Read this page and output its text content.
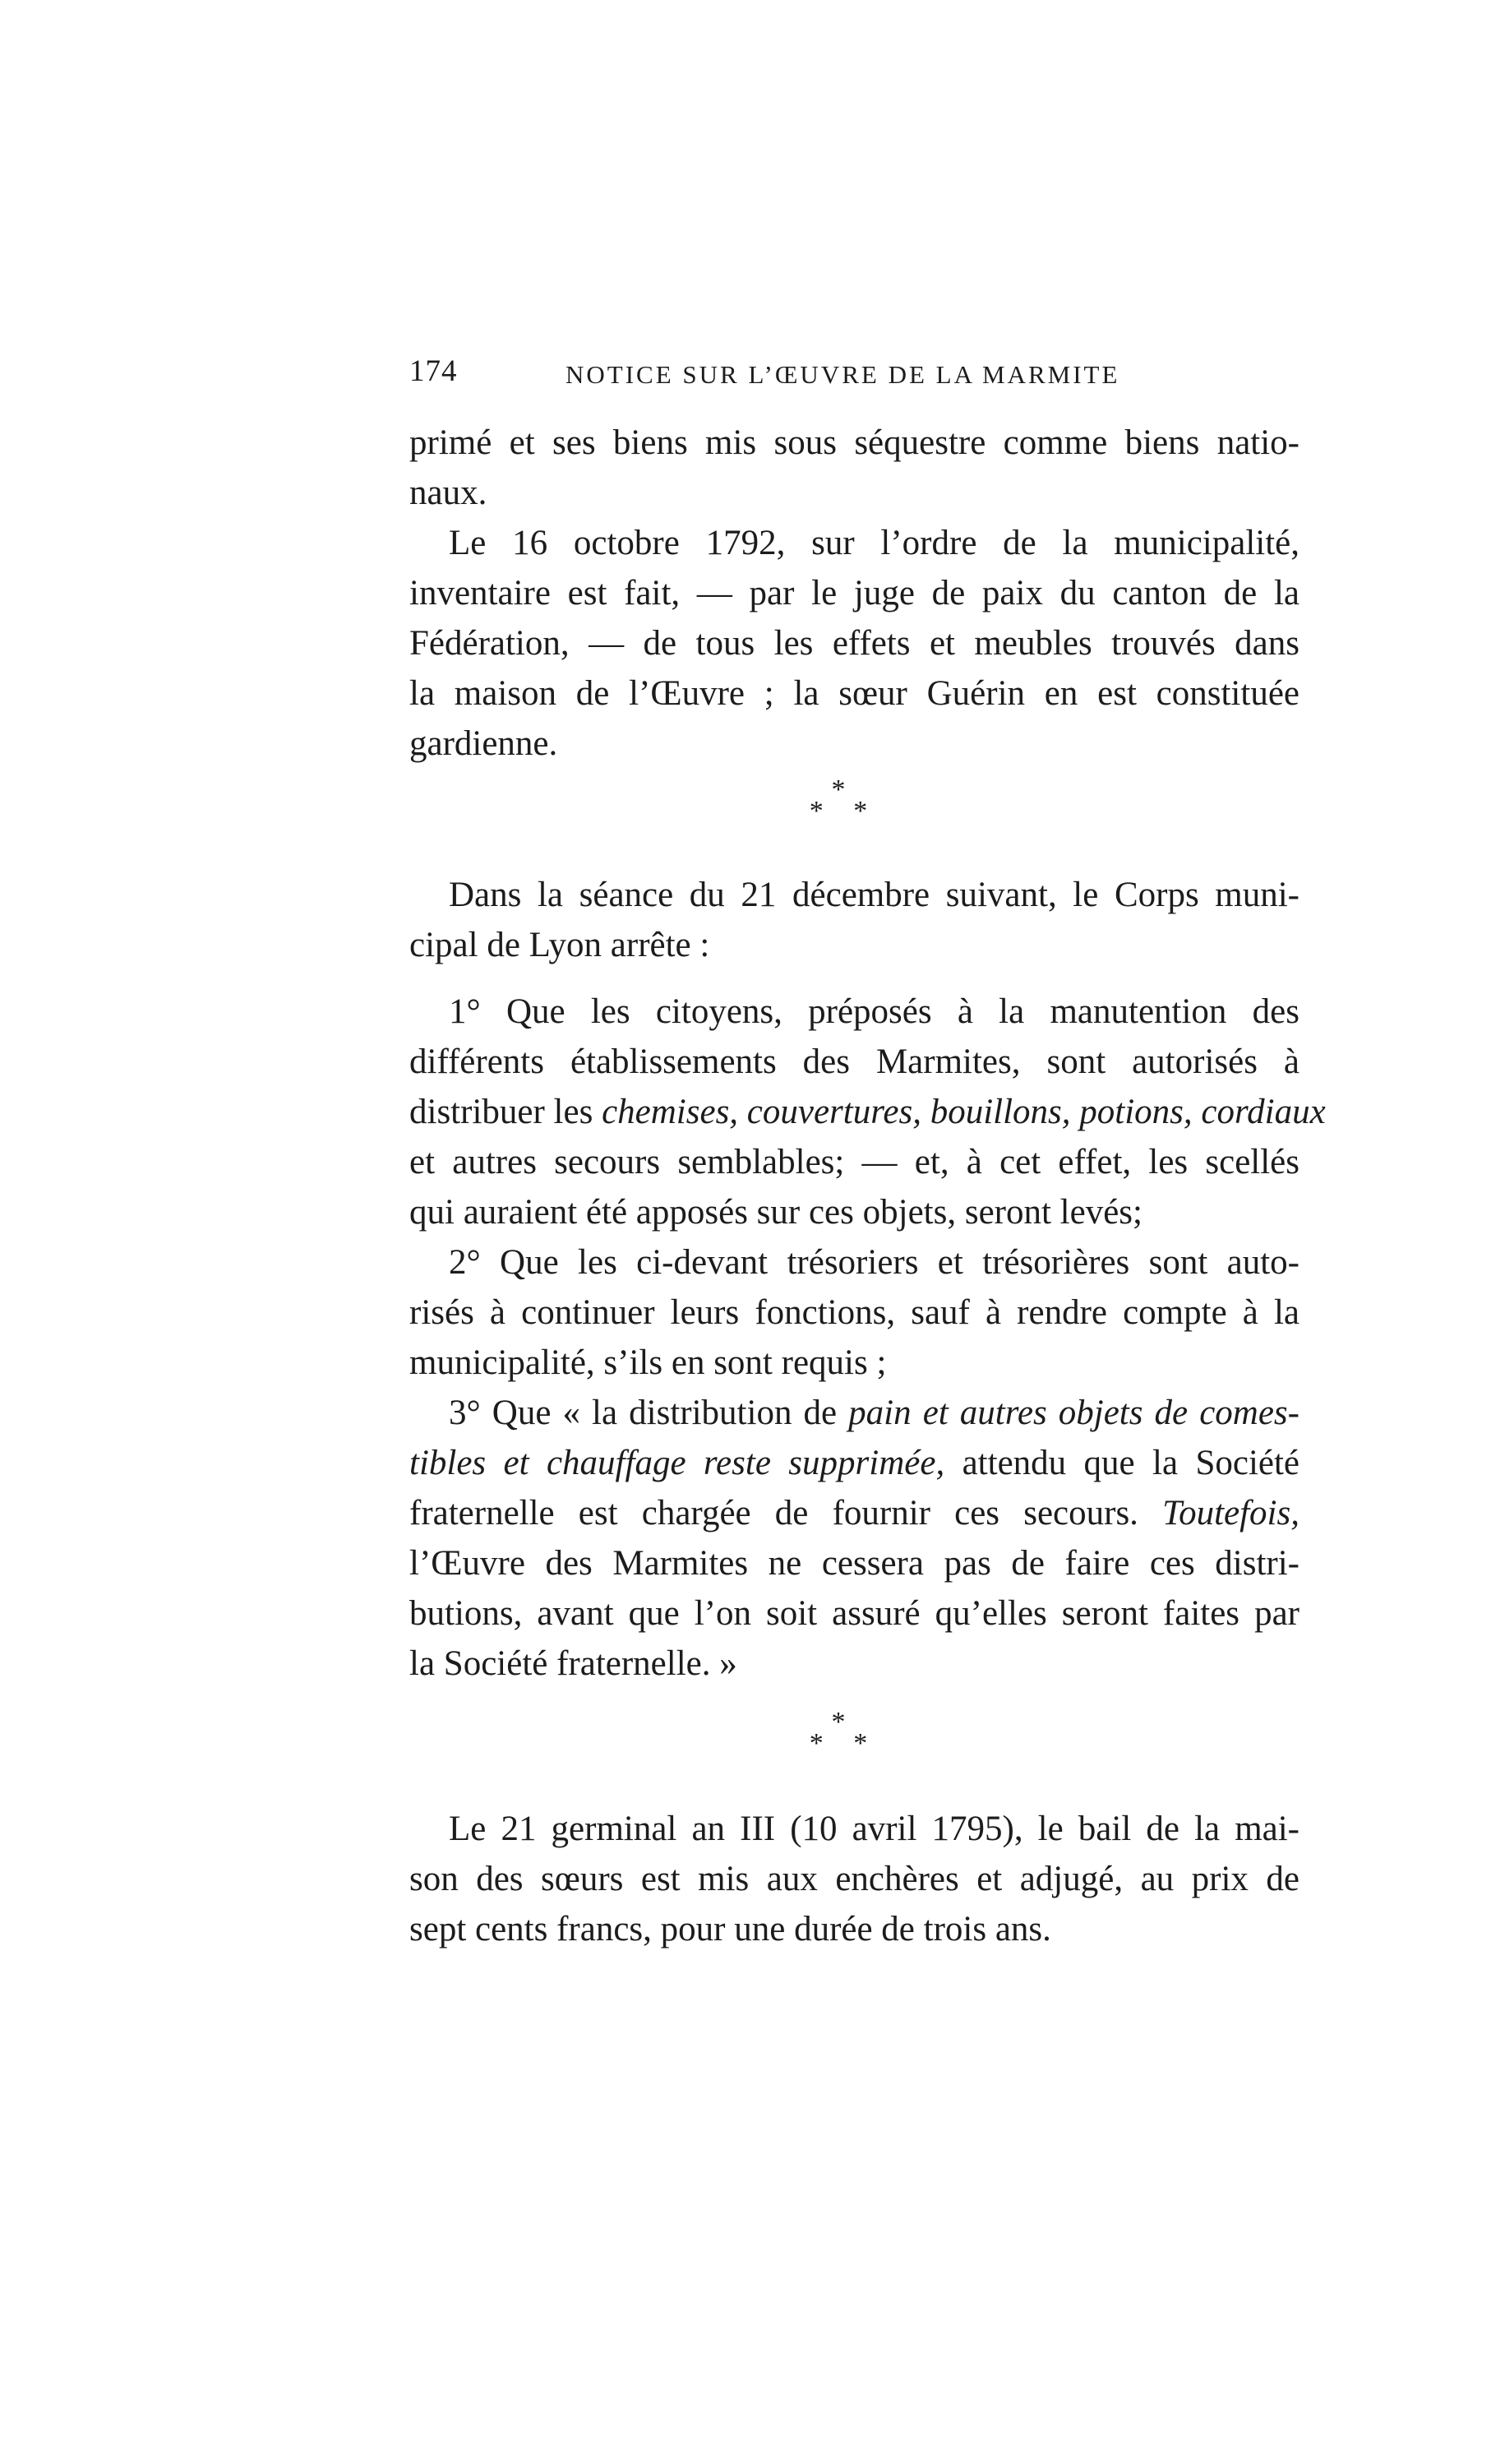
174	NOTICE SUR L’ŒUVRE DE LA MARMITE
primé et ses biens mis sous séquestre comme biens natio-
naux.
Le 16 octobre 1792, sur l’ordre de la municipalité,
inventaire est fait, — par le juge de paix du canton de la
Fédération, — de tous les effets et meubles trouvés dans
la maison de l’Œuvre ; la sœur Guérin en est constituée
gardienne.
*
* *
Dans la séance du 21 décembre suivant, le Corps muni-
cipal de Lyon arrête :
1° Que les citoyens, préposés à la manutention des
différents établissements des Marmites, sont autorisés à
distribuer les chemises, couvertures, bouillons, potions, cordiaux
et autres secours semblables; — et, à cet effet, les scellés
qui auraient été apposés sur ces objets, seront levés;
2° Que les ci-devant trésoriers et trésorières sont auto-
risés à continuer leurs fonctions, sauf à rendre compte à la
municipalité, s’ils en sont requis ;
3° Que « la distribution de pain et autres objets de comes-
tibles et chauffage reste supprimée, attendu que la Société
fraternelle est chargée de fournir ces secours. Toutefois,
l’Œuvre des Marmites ne cessera pas de faire ces distri-
butions, avant que l’on soit assuré qu’elles seront faites par
la Société fraternelle. »
*
* *
Le 21 germinal an III (10 avril 1795), le bail de la mai-
son des sœurs est mis aux enchères et adjugé, au prix de
sept cents francs, pour une durée de trois ans.
